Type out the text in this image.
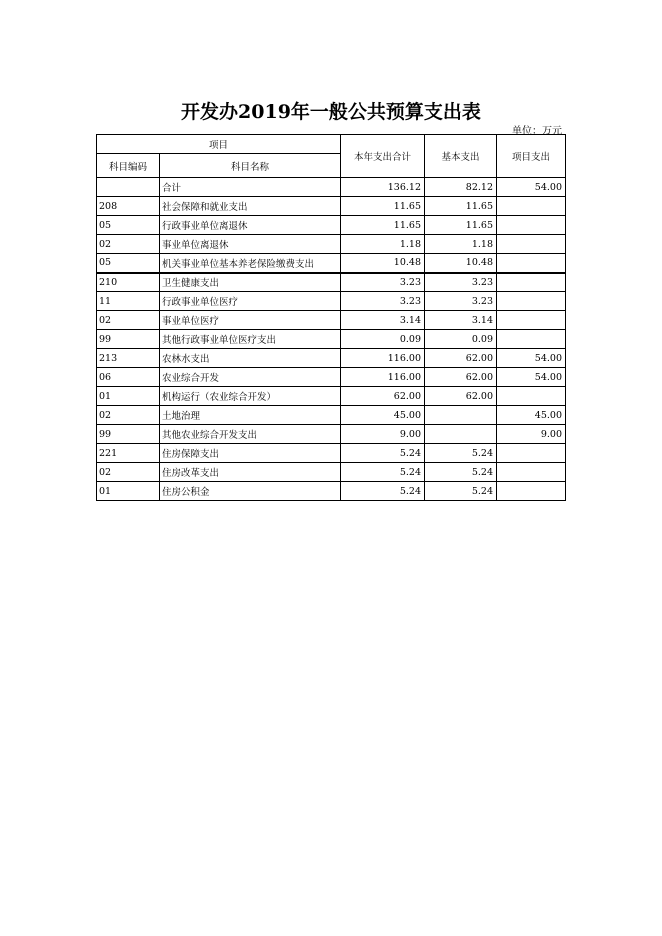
开发办2019年一般公共预算支出表
单位：万元
项目		本年支出合计	基本支出	项目支出
科目编码	科目名称			
	合计	136.12	82.12	54.00
208	社会保障和就业支出	11.65	11.65	
05	行政事业单位离退休	11.65	11.65	
02	事业单位离退休	1.18	1.18	
05	机关事业单位基本养老保险缴费支出	10.48	10.48	
210	卫生健康支出	3.23	3.23	
11	行政事业单位医疗	3.23	3.23	
02	事业单位医疗	3.14	3.14	
99	其他行政事业单位医疗支出	0.09	0.09	
213	农林水支出	116.00	62.00	54.00
06	农业综合开发	116.00	62.00	54.00
01	机构运行（农业综合开发）	62.00	62.00	
02	土地治理	45.00		45.00
99	其他农业综合开发支出	9.00		9.00
221	住房保障支出	5.24	5.24	
02	住房改革支出	5.24	5.24	
01	住房公积金	5.24	5.24	
